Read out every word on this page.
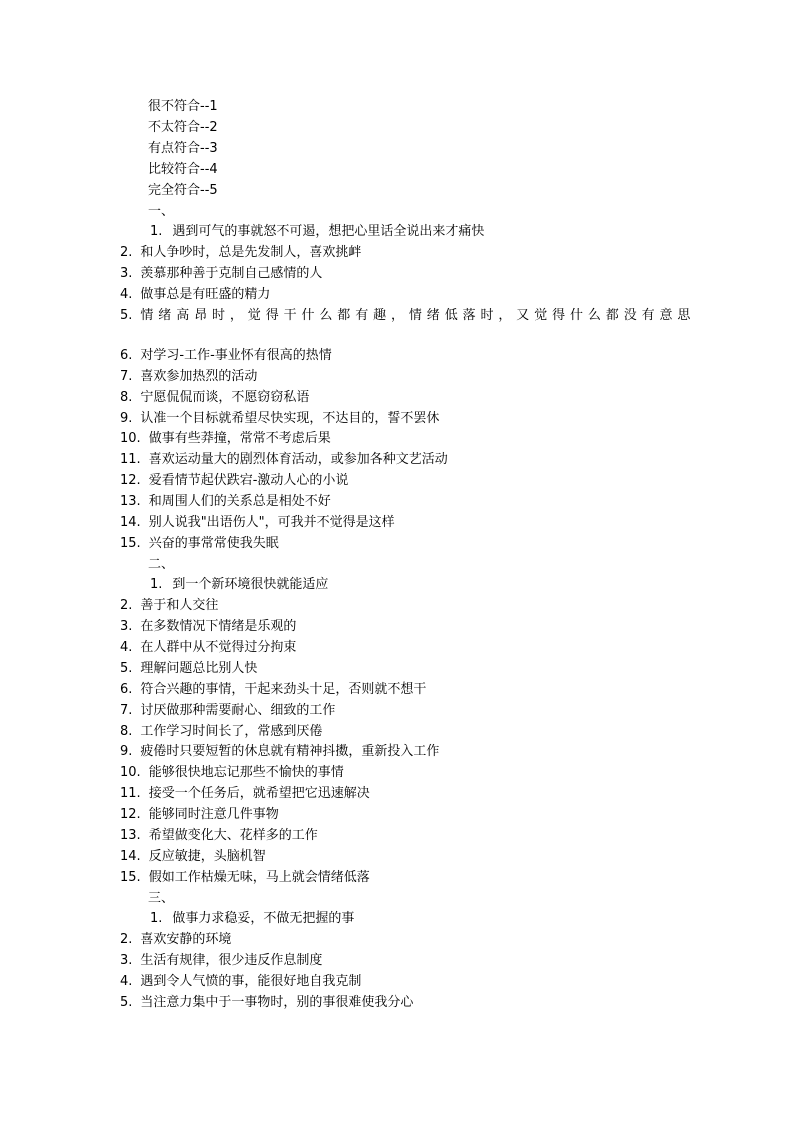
很不符合--1
不太符合--2
有点符合--3
比较符合--4
完全符合--5
一、
1. 遇到可气的事就怒不可遏，想把心里话全说出来才痛快
2. 和人争吵时，总是先发制人，喜欢挑衅
3. 羡慕那种善于克制自己感情的人
4. 做事总是有旺盛的精力
5. 情绪高昂时，觉得干什么都有趣，情绪低落时，又觉得什么都没有意思
6. 对学习-工作-事业怀有很高的热情
7. 喜欢参加热烈的活动
8. 宁愿侃侃而谈，不愿窃窃私语
9. 认准一个目标就希望尽快实现，不达目的，誓不罢休
10. 做事有些莽撞，常常不考虑后果
11. 喜欢运动量大的剧烈体育活动，或参加各种文艺活动
12. 爱看情节起伏跌宕-激动人心的小说
13. 和周围人们的关系总是相处不好
14. 别人说我"出语伤人"，可我并不觉得是这样
15. 兴奋的事常常使我失眠
二、
1. 到一个新环境很快就能适应
2. 善于和人交往
3. 在多数情况下情绪是乐观的
4. 在人群中从不觉得过分拘束
5. 理解问题总比别人快
6. 符合兴趣的事情，干起来劲头十足，否则就不想干
7. 讨厌做那种需要耐心、细致的工作
8. 工作学习时间长了，常感到厌倦
9. 疲倦时只要短暂的休息就有精神抖擞，重新投入工作
10. 能够很快地忘记那些不愉快的事情
11. 接受一个任务后，就希望把它迅速解决
12. 能够同时注意几件事物
13. 希望做变化大、花样多的工作
14. 反应敏捷，头脑机智
15. 假如工作枯燥无味，马上就会情绪低落
三、
1. 做事力求稳妥，不做无把握的事
2. 喜欢安静的环境
3. 生活有规律，很少违反作息制度
4. 遇到令人气愤的事，能很好地自我克制
5. 当注意力集中于一事物时，别的事很难使我分心
